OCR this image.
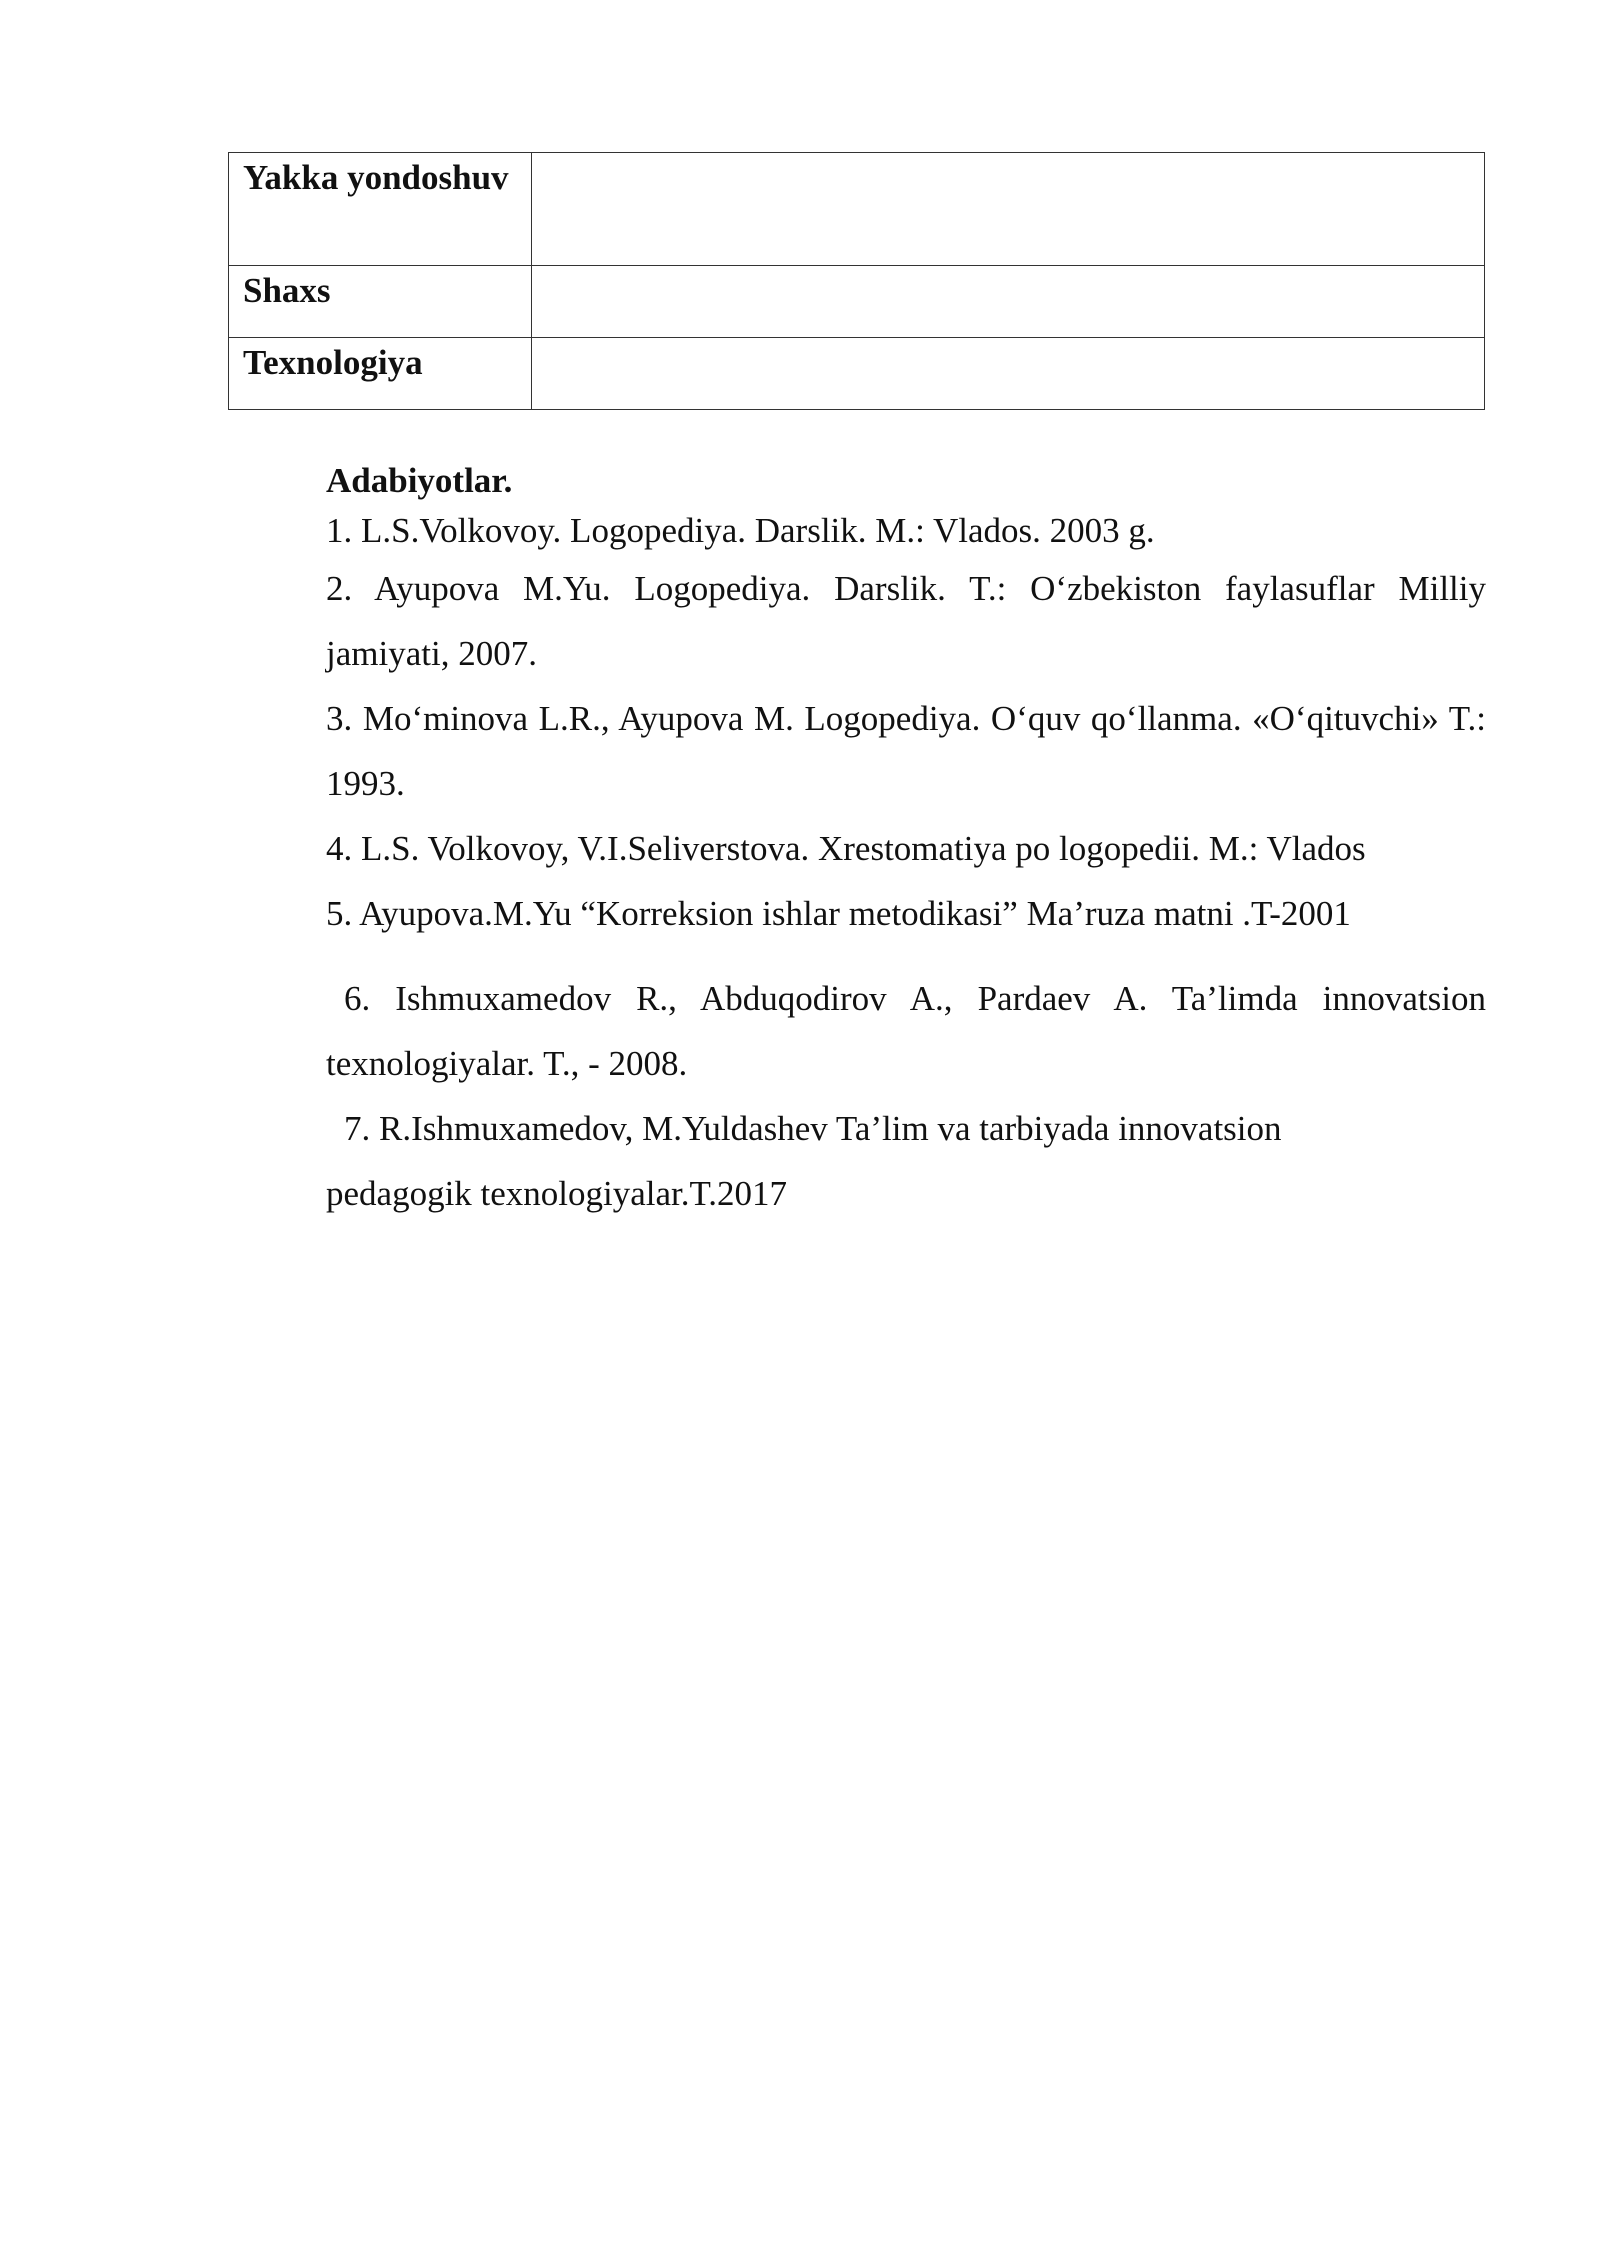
Yakka yondoshuv	
Shaxs	
Texnologiya	
Adabiyotlar.
1. L.S.Volkovoy. Logopediya. Darslik. M.: Vlados. 2003 g.
2. Ayupova M.Yu. Logopediya. Darslik. T.: O‘zbekiston faylasuflar Milliy jamiyati, 2007.
3. Mo‘minova L.R., Ayupova M. Logopediya. O‘quv qo‘llanma. «O‘qituvchi» T.: 1993.
4. L.S. Volkovoy, V.I.Seliverstova. Xrestomatiya po logopedii. M.: Vlados
5. Ayupova.M.Yu “Korreksion ishlar metodikasi” Ma’ruza matni .T-2001
6. Ishmuxamedov R., Abduqodirov A., Pardaev A. Ta’limda innovatsion texnologiyalar. T., - 2008.
7. R.Ishmuxamedov, M.Yuldashev Ta’lim va tarbiyada innovatsion pedagogik texnologiyalar.T.2017
